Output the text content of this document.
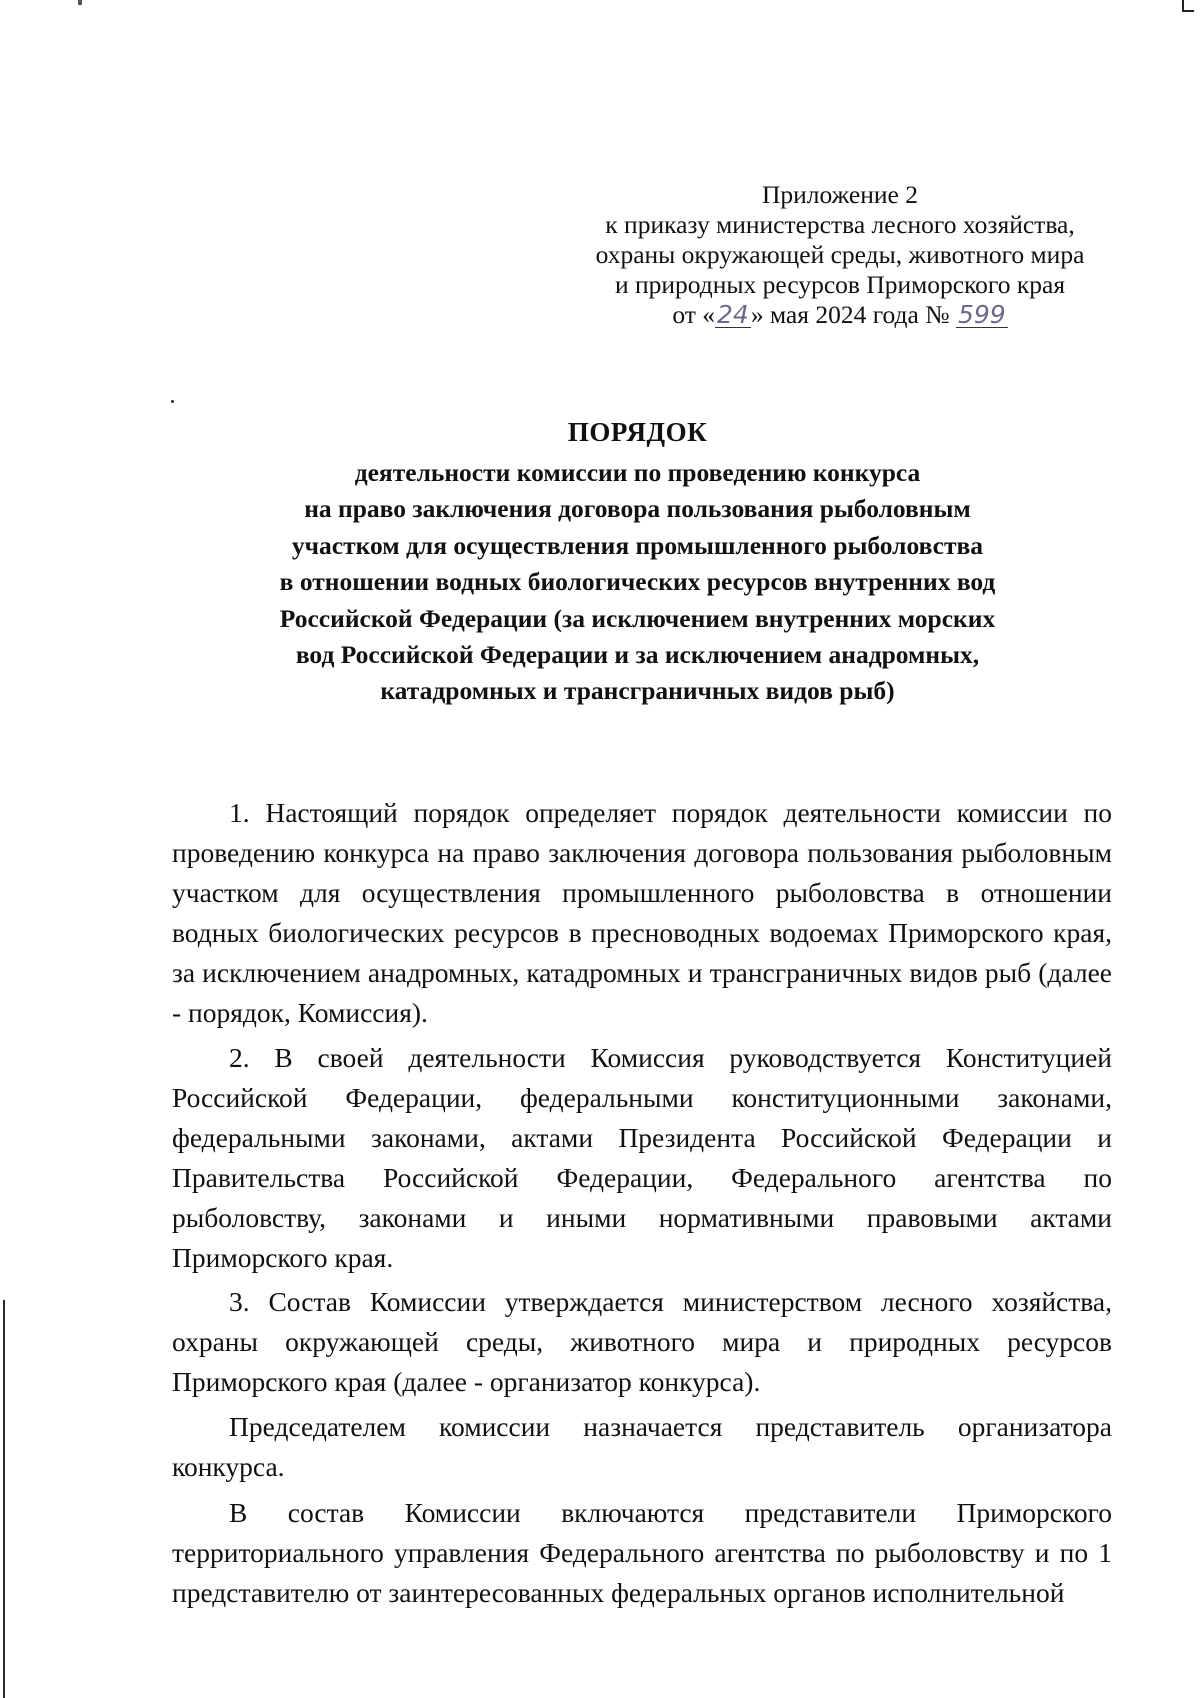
Приложение 2
к приказу министерства лесного хозяйства,
охраны окружающей среды, животного мира
и природных ресурсов Приморского края
от «24» мая 2024 года № 599
ПОРЯДОК
деятельности комиссии по проведению конкурса
на право заключения договора пользования рыболовным
участком для осуществления промышленного рыболовства
в отношении водных биологических ресурсов внутренних вод
Российской Федерации (за исключением внутренних морских
вод Российской Федерации и за исключением анадромных,
катадромных и трансграничных видов рыб)

1. Настоящий порядок определяет порядок деятельности комиссии по проведению конкурса на право заключения договора пользования рыболовным участком для осуществления промышленного рыболовства в отношении водных биологических ресурсов в пресноводных водоемах Приморского края, за исключением анадромных, катадромных и трансграничных видов рыб (далее - порядок, Комиссия).

2. В своей деятельности Комиссия руководствуется Конституцией Российской Федерации, федеральными конституционными законами, федеральными законами, актами Президента Российской Федерации и Правительства Российской Федерации, Федерального агентства по рыболовству, законами и иными нормативными правовыми актами Приморского края.

3. Состав Комиссии утверждается министерством лесного хозяйства, охраны окружающей среды, животного мира и природных ресурсов Приморского края (далее - организатор конкурса).

Председателем комиссии назначается представитель организатора конкурса.

В состав Комиссии включаются представители Приморского территориального управления Федерального агентства по рыболовству и по 1 представителю от заинтересованных федеральных органов исполнительной
